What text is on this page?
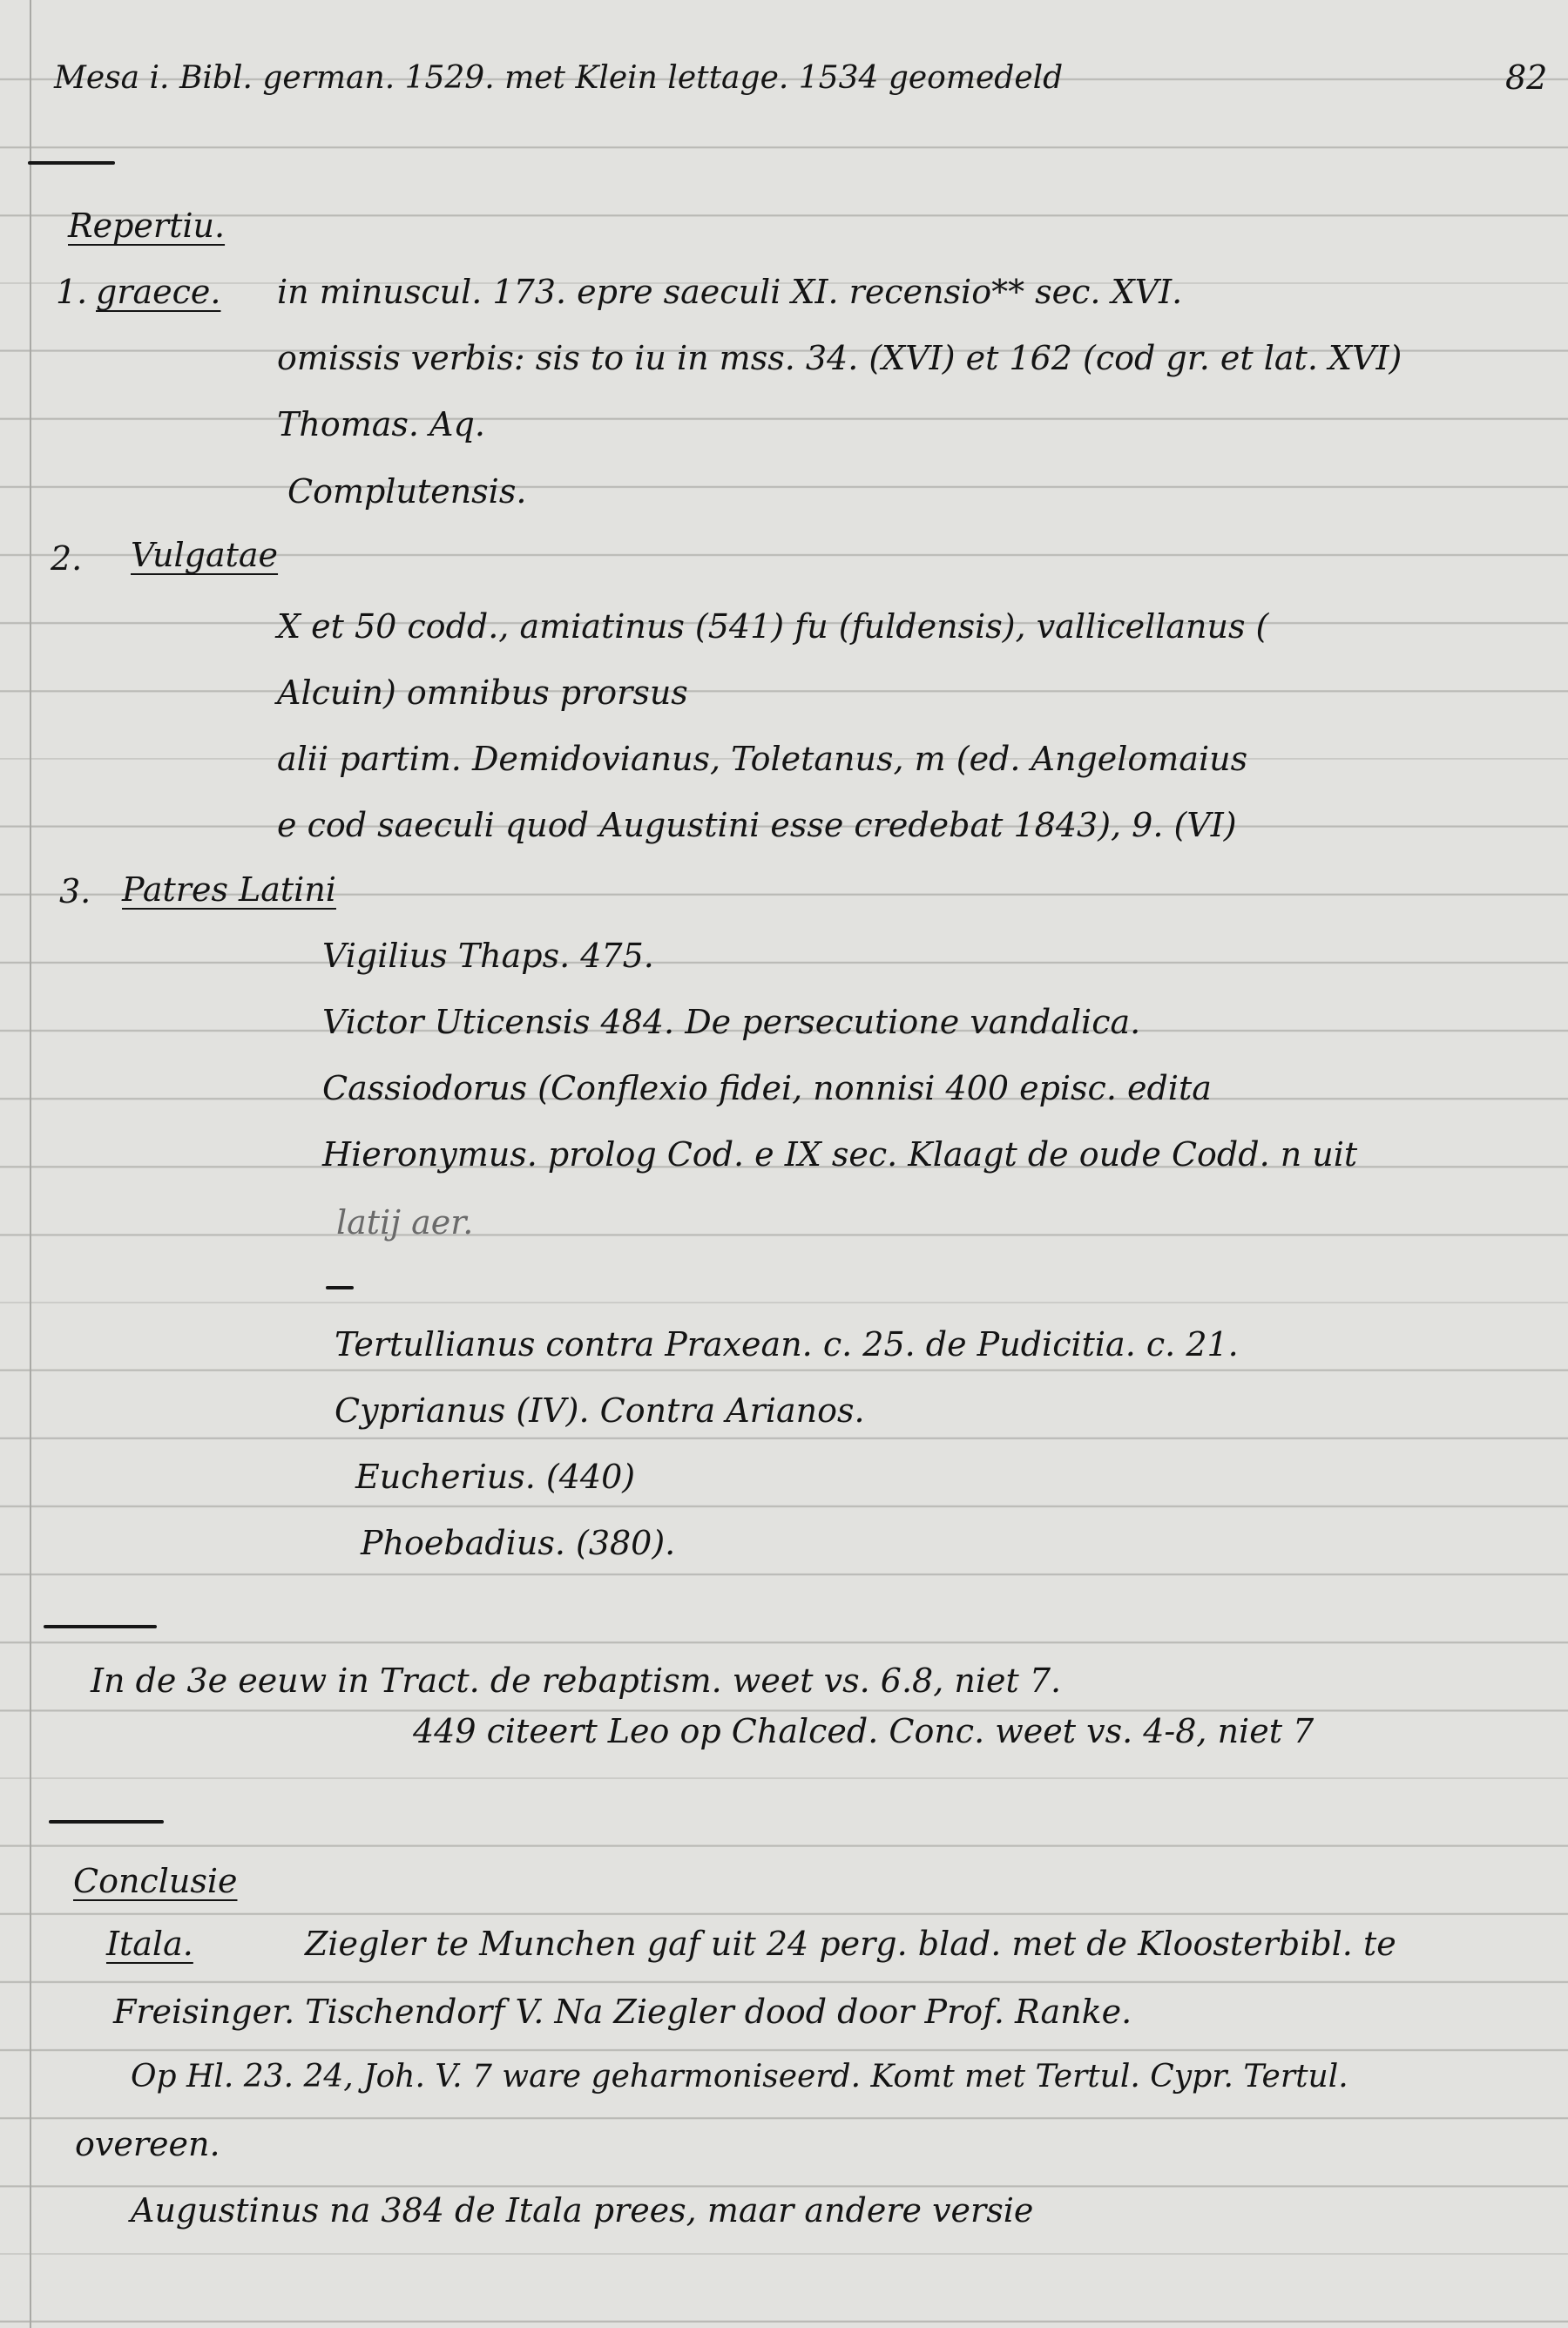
Mesa i. Bibl. german. 1529. met Klein lettage. 1534 geomedeld	82
Repertiu.
1. graece. in minuscul. 173. epre saeculi XI. recensio** sec. XVI.
omissis verbis: sis to iu in mss. 34. (XVI) et 162 (cod gr. et lat. XVI)
Thomas. Aq.
Complutensis.
2. Vulgatae
X et 50 codd., amiatinus (541) fu (fuldensis), vallicellanus (
Alcuin) omnibus prorsus
alii partim. Demidovianus, Toletanus, m (ed. Angelomaius
e cod saeculi quod Augustini esse credebat 1843), 9. (VI)
3. Patres Latini
Vigilius Thaps. 475.
Victor Uticensis 484. De persecutione vandalica.
Cassiodorus (Conflexio fidei, nonnisi 400 episc. edita
Hieronymus. prolog Cod. e IX sec. Klaagt de oude Codd. n uit
latij aer.
Tertullianus contra Praxean. c. 25. de Pudicitia. c. 21.
Cyprianus (IV). Contra Arianos.
Eucherius. (440)
Phoebadius. (380).
In de 3e eeuw in Tract. de rebaptism. weet vs. 6.8, niet 7.
449 citeert Leo op Chalced. Conc. weet vs. 4-8, niet 7
Conclusie
Itala.	Ziegler te Munchen gaf uit 24 perg. blad. met de Kloosterbibl. te
Freisinger. Tischendorf V. Na Ziegler dood door Prof. Ranke.
Op Hl. 23. 24, Joh. V. 7 ware geharmoniseerd. Komt met Tertul. Cypr. Tertul.
overeen.
Augustinus na 384 de Itala prees, maar andere versie
